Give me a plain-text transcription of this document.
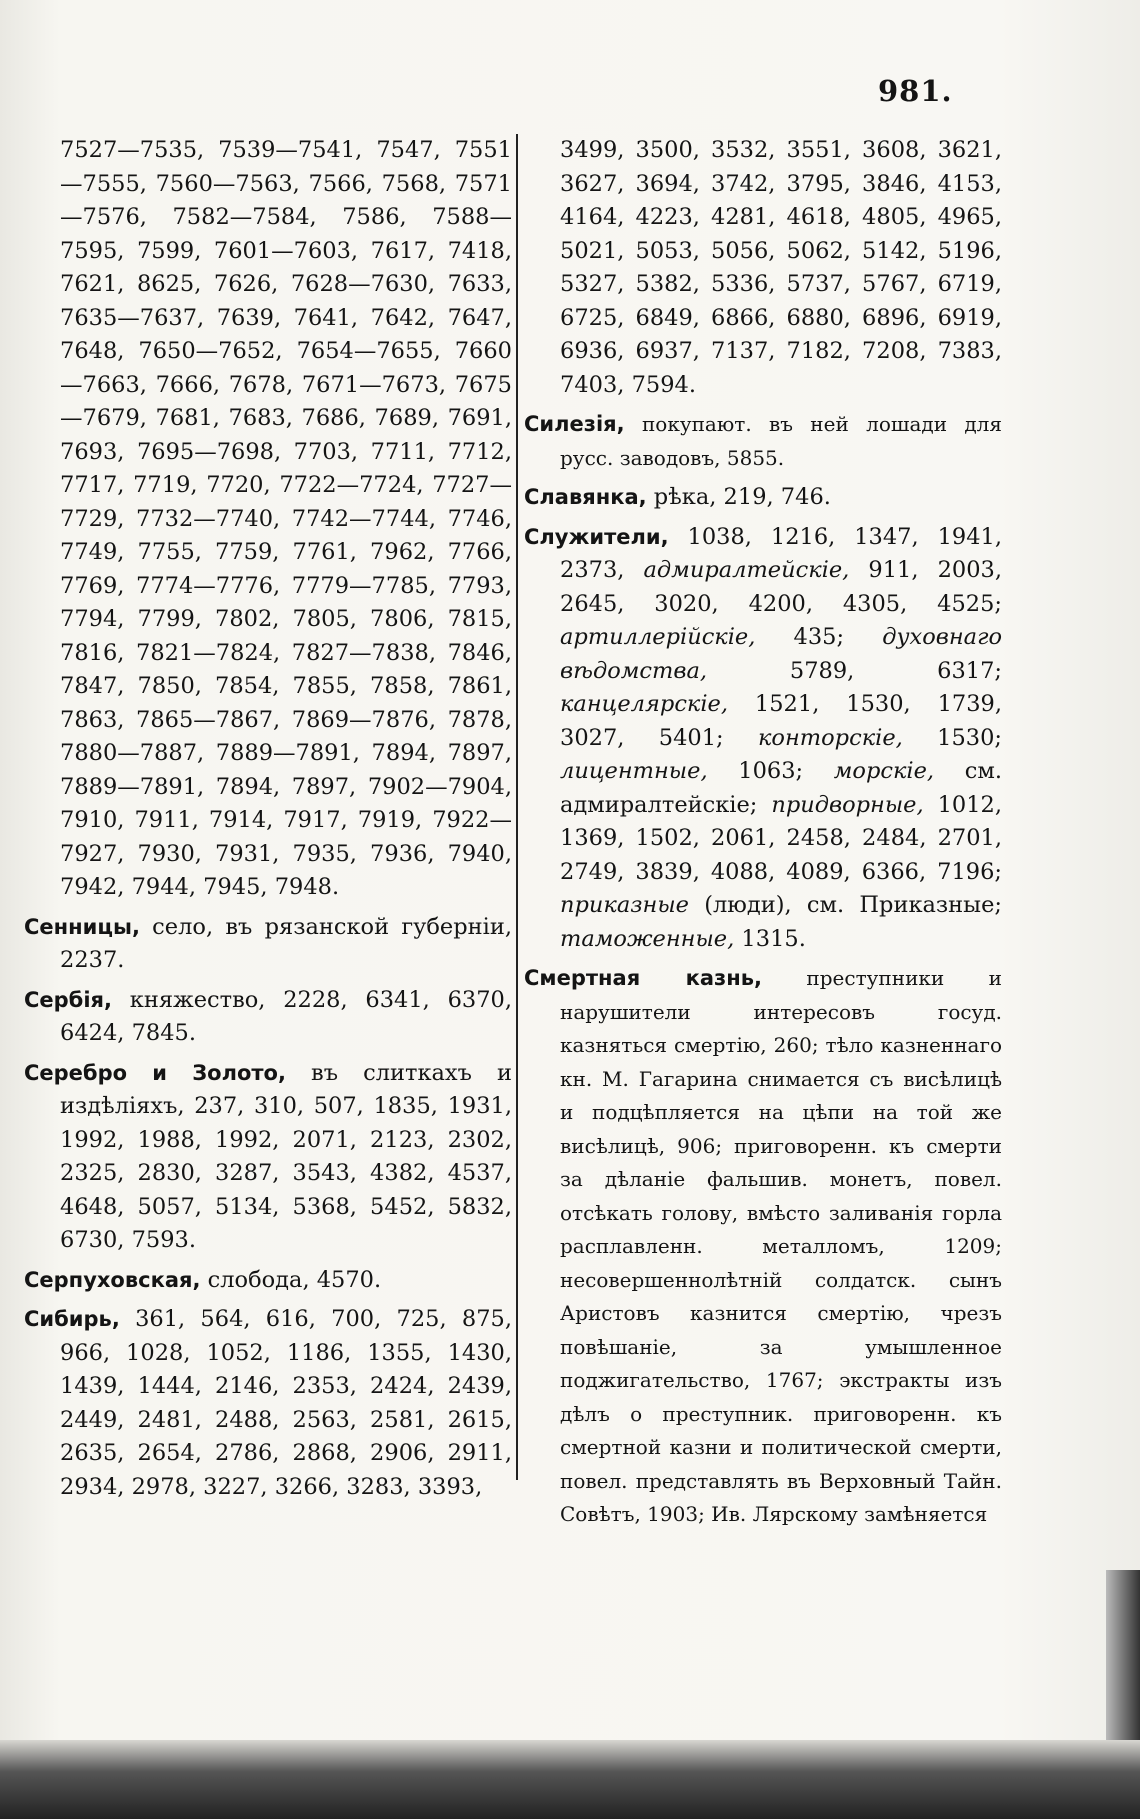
981.
7527—7535, 7539—7541, 7547, 7551—7555, 7560—7563, 7566, 7568, 7571—7576, 7582—7584, 7586, 7588—7595, 7599, 7601—7603, 7617, 7418, 7621, 8625, 7626, 7628—7630, 7633, 7635—7637, 7639, 7641, 7642, 7647, 7648, 7650—7652, 7654—7655, 7660—7663, 7666, 7678, 7671—7673, 7675—7679, 7681, 7683, 7686, 7689, 7691, 7693, 7695—7698, 7703, 7711, 7712, 7717, 7719, 7720, 7722—7724, 7727—7729, 7732—7740, 7742—7744, 7746, 7749, 7755, 7759, 7761, 7962, 7766, 7769, 7774—7776, 7779—7785, 7793, 7794, 7799, 7802, 7805, 7806, 7815, 7816, 7821—7824, 7827—7838, 7846, 7847, 7850, 7854, 7855, 7858, 7861, 7863, 7865—7867, 7869—7876, 7878, 7880—7887, 7889—7891, 7894, 7897, 7889—7891, 7894, 7897, 7902—7904, 7910, 7911, 7914, 7917, 7919, 7922—7927, 7930, 7931, 7935, 7936, 7940, 7942, 7944, 7945, 7948.
Сенницы, село, въ рязанской губерніи, 2237.
Сербія, княжество, 2228, 6341, 6370, 6424, 7845.
Серебро и Золото, въ слиткахъ и издѣліяхъ, 237, 310, 507, 1835, 1931, 1992, 1988, 1992, 2071, 2123, 2302, 2325, 2830, 3287, 3543, 4382, 4537, 4648, 5057, 5134, 5368, 5452, 5832, 6730, 7593.
Серпуховская, слобода, 4570.
Сибирь, 361, 564, 616, 700, 725, 875, 966, 1028, 1052, 1186, 1355, 1430, 1439, 1444, 2146, 2353, 2424, 2439, 2449, 2481, 2488, 2563, 2581, 2615, 2635, 2654, 2786, 2868, 2906, 2911, 2934, 2978, 3227, 3266, 3283, 3393,
3499, 3500, 3532, 3551, 3608, 3621, 3627, 3694, 3742, 3795, 3846, 4153, 4164, 4223, 4281, 4618, 4805, 4965, 5021, 5053, 5056, 5062, 5142, 5196, 5327, 5382, 5336, 5737, 5767, 6719, 6725, 6849, 6866, 6880, 6896, 6919, 6936, 6937, 7137, 7182, 7208, 7383, 7403, 7594.
Силезія, покупают. въ ней лошади для русс. заводовъ, 5855.
Славянка, рѣка, 219, 746.
Служители, 1038, 1216, 1347, 1941, 2373, адмиралтейскіе, 911, 2003, 2645, 3020, 4200, 4305, 4525; артиллерійскіе, 435; духовнаго вѣдомства, 5789, 6317; канцелярскіе, 1521, 1530, 1739, 3027, 5401; конторскіе, 1530; лицентные, 1063; морскіе, см. адмиралтейскіе; придворные, 1012, 1369, 1502, 2061, 2458, 2484, 2701, 2749, 3839, 4088, 4089, 6366, 7196; приказные (люди), см. Приказные; таможенные, 1315.
Смертная казнь, преступники и нарушители интересовъ госуд. казняться смертію, 260; тѣло казненнаго кн. М. Гагарина снимается съ висѣлицѣ и подцѣпляется на цѣпи на той же висѣлицѣ, 906; приговоренн. къ смерти за дѣланіе фальшив. монетъ, повел. отсѣкать голову, вмѣсто заливанія горла расплавленн. металломъ, 1209; несовершеннолѣтній солдатск. сынъ Аристовъ казнится смертію, чрезъ повѣшаніе, за умышленное поджигательство, 1767; экстракты изъ дѣлъ о преступник. приговоренн. къ смертной казни и политической смерти, повел. представлять въ Верховный Тайн. Совѣтъ, 1903; Ив. Лярскому замѣняется
